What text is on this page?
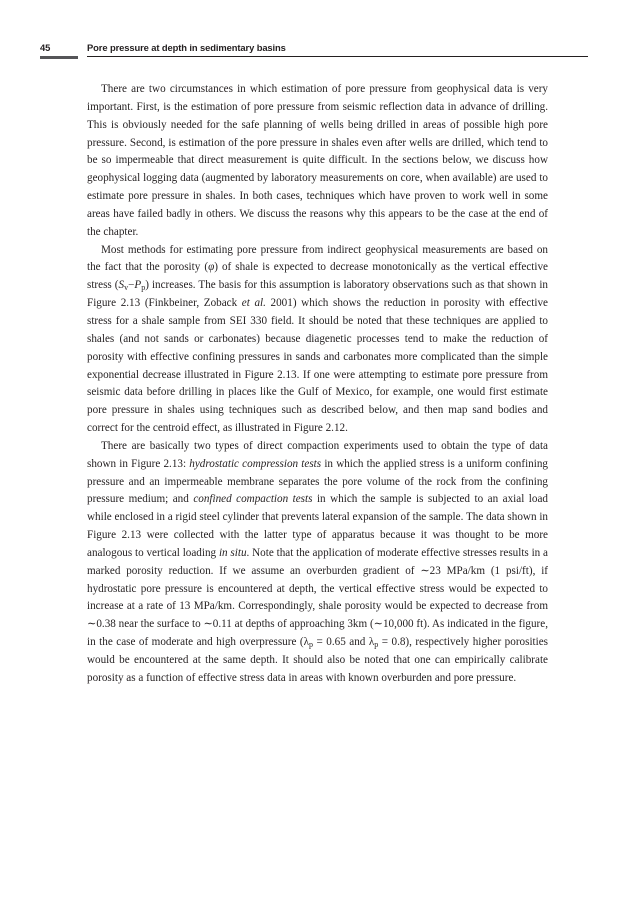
45	Pore pressure at depth in sedimentary basins

There are two circumstances in which estimation of pore pressure from geophysical data is very important. First, is the estimation of pore pressure from seismic reflection data in advance of drilling. This is obviously needed for the safe planning of wells being drilled in areas of possible high pore pressure. Second, is estimation of the pore pressure in shales even after wells are drilled, which tend to be so impermeable that direct measurement is quite difficult. In the sections below, we discuss how geophysical logging data (augmented by laboratory measurements on core, when available) are used to estimate pore pressure in shales. In both cases, techniques which have proven to work well in some areas have failed badly in others. We discuss the reasons why this appears to be the case at the end of the chapter.

Most methods for estimating pore pressure from indirect geophysical measurements are based on the fact that the porosity (φ) of shale is expected to decrease monotonically as the vertical effective stress $(S_v-P_p)$ increases. The basis for this assumption is laboratory observations such as that shown in Figure 2.13 (Finkbeiner, Zoback et al. 2001) which shows the reduction in porosity with effective stress for a shale sample from SEI 330 field. It should be noted that these techniques are applied to shales (and not sands or carbonates) because diagenetic processes tend to make the reduction of porosity with effective confining pressures in sands and carbonates more complicated than the simple exponential decrease illustrated in Figure 2.13. If one were attempting to estimate pore pressure from seismic data before drilling in places like the Gulf of Mexico, for example, one would first estimate pore pressure in shales using techniques such as described below, and then map sand bodies and correct for the centroid effect, as illustrated in Figure 2.12.

There are basically two types of direct compaction experiments used to obtain the type of data shown in Figure 2.13: hydrostatic compression tests in which the applied stress is a uniform confining pressure and an impermeable membrane separates the pore volume of the rock from the confining pressure medium; and confined compaction tests in which the sample is subjected to an axial load while enclosed in a rigid steel cylinder that prevents lateral expansion of the sample. The data shown in Figure 2.13 were collected with the latter type of apparatus because it was thought to be more analogous to vertical loading in situ. Note that the application of moderate effective stresses results in a marked porosity reduction. If we assume an overburden gradient of ∼23 MPa/km (1 psi/ft), if hydrostatic pore pressure is encountered at depth, the vertical effective stress would be expected to increase at a rate of 13 MPa/km. Correspondingly, shale porosity would be expected to decrease from ∼0.38 near the surface to ∼0.11 at depths of approaching 3km (∼10,000 ft). As indicated in the figure, in the case of moderate and high overpressure ($\lambda_p = 0.65$ and $\lambda_p = 0.8$), respectively higher porosities would be encountered at the same depth. It should also be noted that one can empirically calibrate porosity as a function of effective stress data in areas with known overburden and pore pressure.
